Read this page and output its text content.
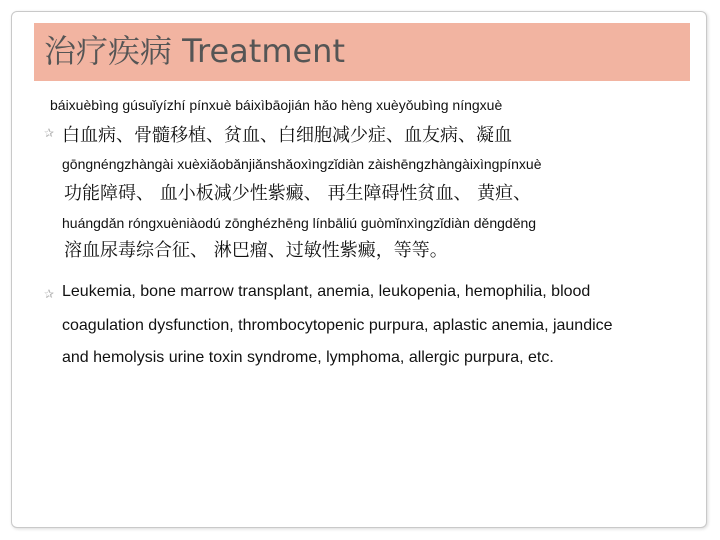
治疗疾病 Treatment
báixuèbìng gúsuǐyízhí pínxuè báixìbāojián hǎo hèng xuèyǒubìng níngxuè
✰ 白血病、骨髓移植、贫血、白细胞减少症、血友病、凝血
gōngnéngzhàngài xuèxiǎobǎnjiǎnshǎoxìngzǐdiàn zàishēngzhàngàixìngpínxuè
功能障碍、 血小板减少性紫癜、 再生障碍性贫血、 黄疸、
huángdǎn róngxuèniàodú zōnghézhēng línbāliú guòmǐnxìngzǐdiàn děngděng
溶血尿毒综合征、 淋巴瘤、过敏性紫癜，等等。
✰ Leukemia, bone marrow transplant, anemia, leukopenia, hemophilia, blood
coagulation dysfunction, thrombocytopenic purpura, aplastic anemia, jaundice
and hemolysis urine toxin syndrome, lymphoma, allergic purpura, etc.
